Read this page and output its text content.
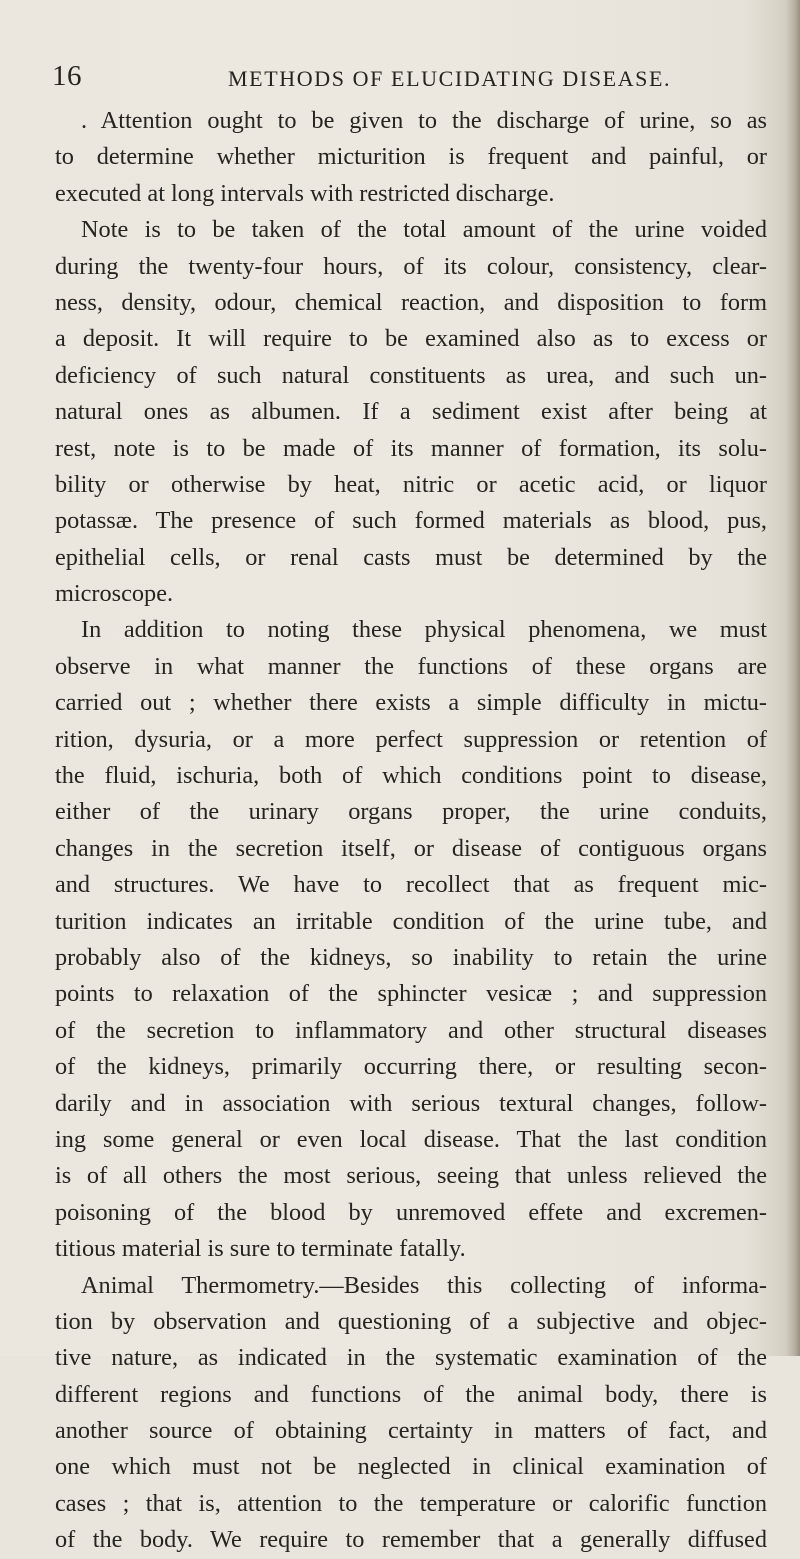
16	METHODS OF ELUCIDATING DISEASE.
. Attention ought to be given to the discharge of urine, so as
to determine whether micturition is frequent and painful, or
executed at long intervals with restricted discharge.
Note is to be taken of the total amount of the urine voided
during the twenty-four hours, of its colour, consistency, clear-
ness, density, odour, chemical reaction, and disposition to form
a deposit. It will require to be examined also as to excess or
deficiency of such natural constituents as urea, and such un-
natural ones as albumen. If a sediment exist after being at
rest, note is to be made of its manner of formation, its solu-
bility or otherwise by heat, nitric or acetic acid, or liquor
potassæ. The presence of such formed materials as blood, pus,
epithelial cells, or renal casts must be determined by the
microscope.
In addition to noting these physical phenomena, we must
observe in what manner the functions of these organs are
carried out ; whether there exists a simple difficulty in mictu-
rition, dysuria, or a more perfect suppression or retention of
the fluid, ischuria, both of which conditions point to disease,
either of the urinary organs proper, the urine conduits,
changes in the secretion itself, or disease of contiguous organs
and structures. We have to recollect that as frequent mic-
turition indicates an irritable condition of the urine tube, and
probably also of the kidneys, so inability to retain the urine
points to relaxation of the sphincter vesicæ ; and suppression
of the secretion to inflammatory and other structural diseases
of the kidneys, primarily occurring there, or resulting secon-
darily and in association with serious textural changes, follow-
ing some general or even local disease. That the last condition
is of all others the most serious, seeing that unless relieved the
poisoning of the blood by unremoved effete and excremen-
titious material is sure to terminate fatally.
Animal Thermometry.—Besides this collecting of informa-
tion by observation and questioning of a subjective and objec-
tive nature, as indicated in the systematic examination of the
different regions and functions of the animal body, there is
another source of obtaining certainty in matters of fact, and
one which must not be neglected in clinical examination of
cases ; that is, attention to the temperature or calorific function
of the body. We require to remember that a generally diffused
